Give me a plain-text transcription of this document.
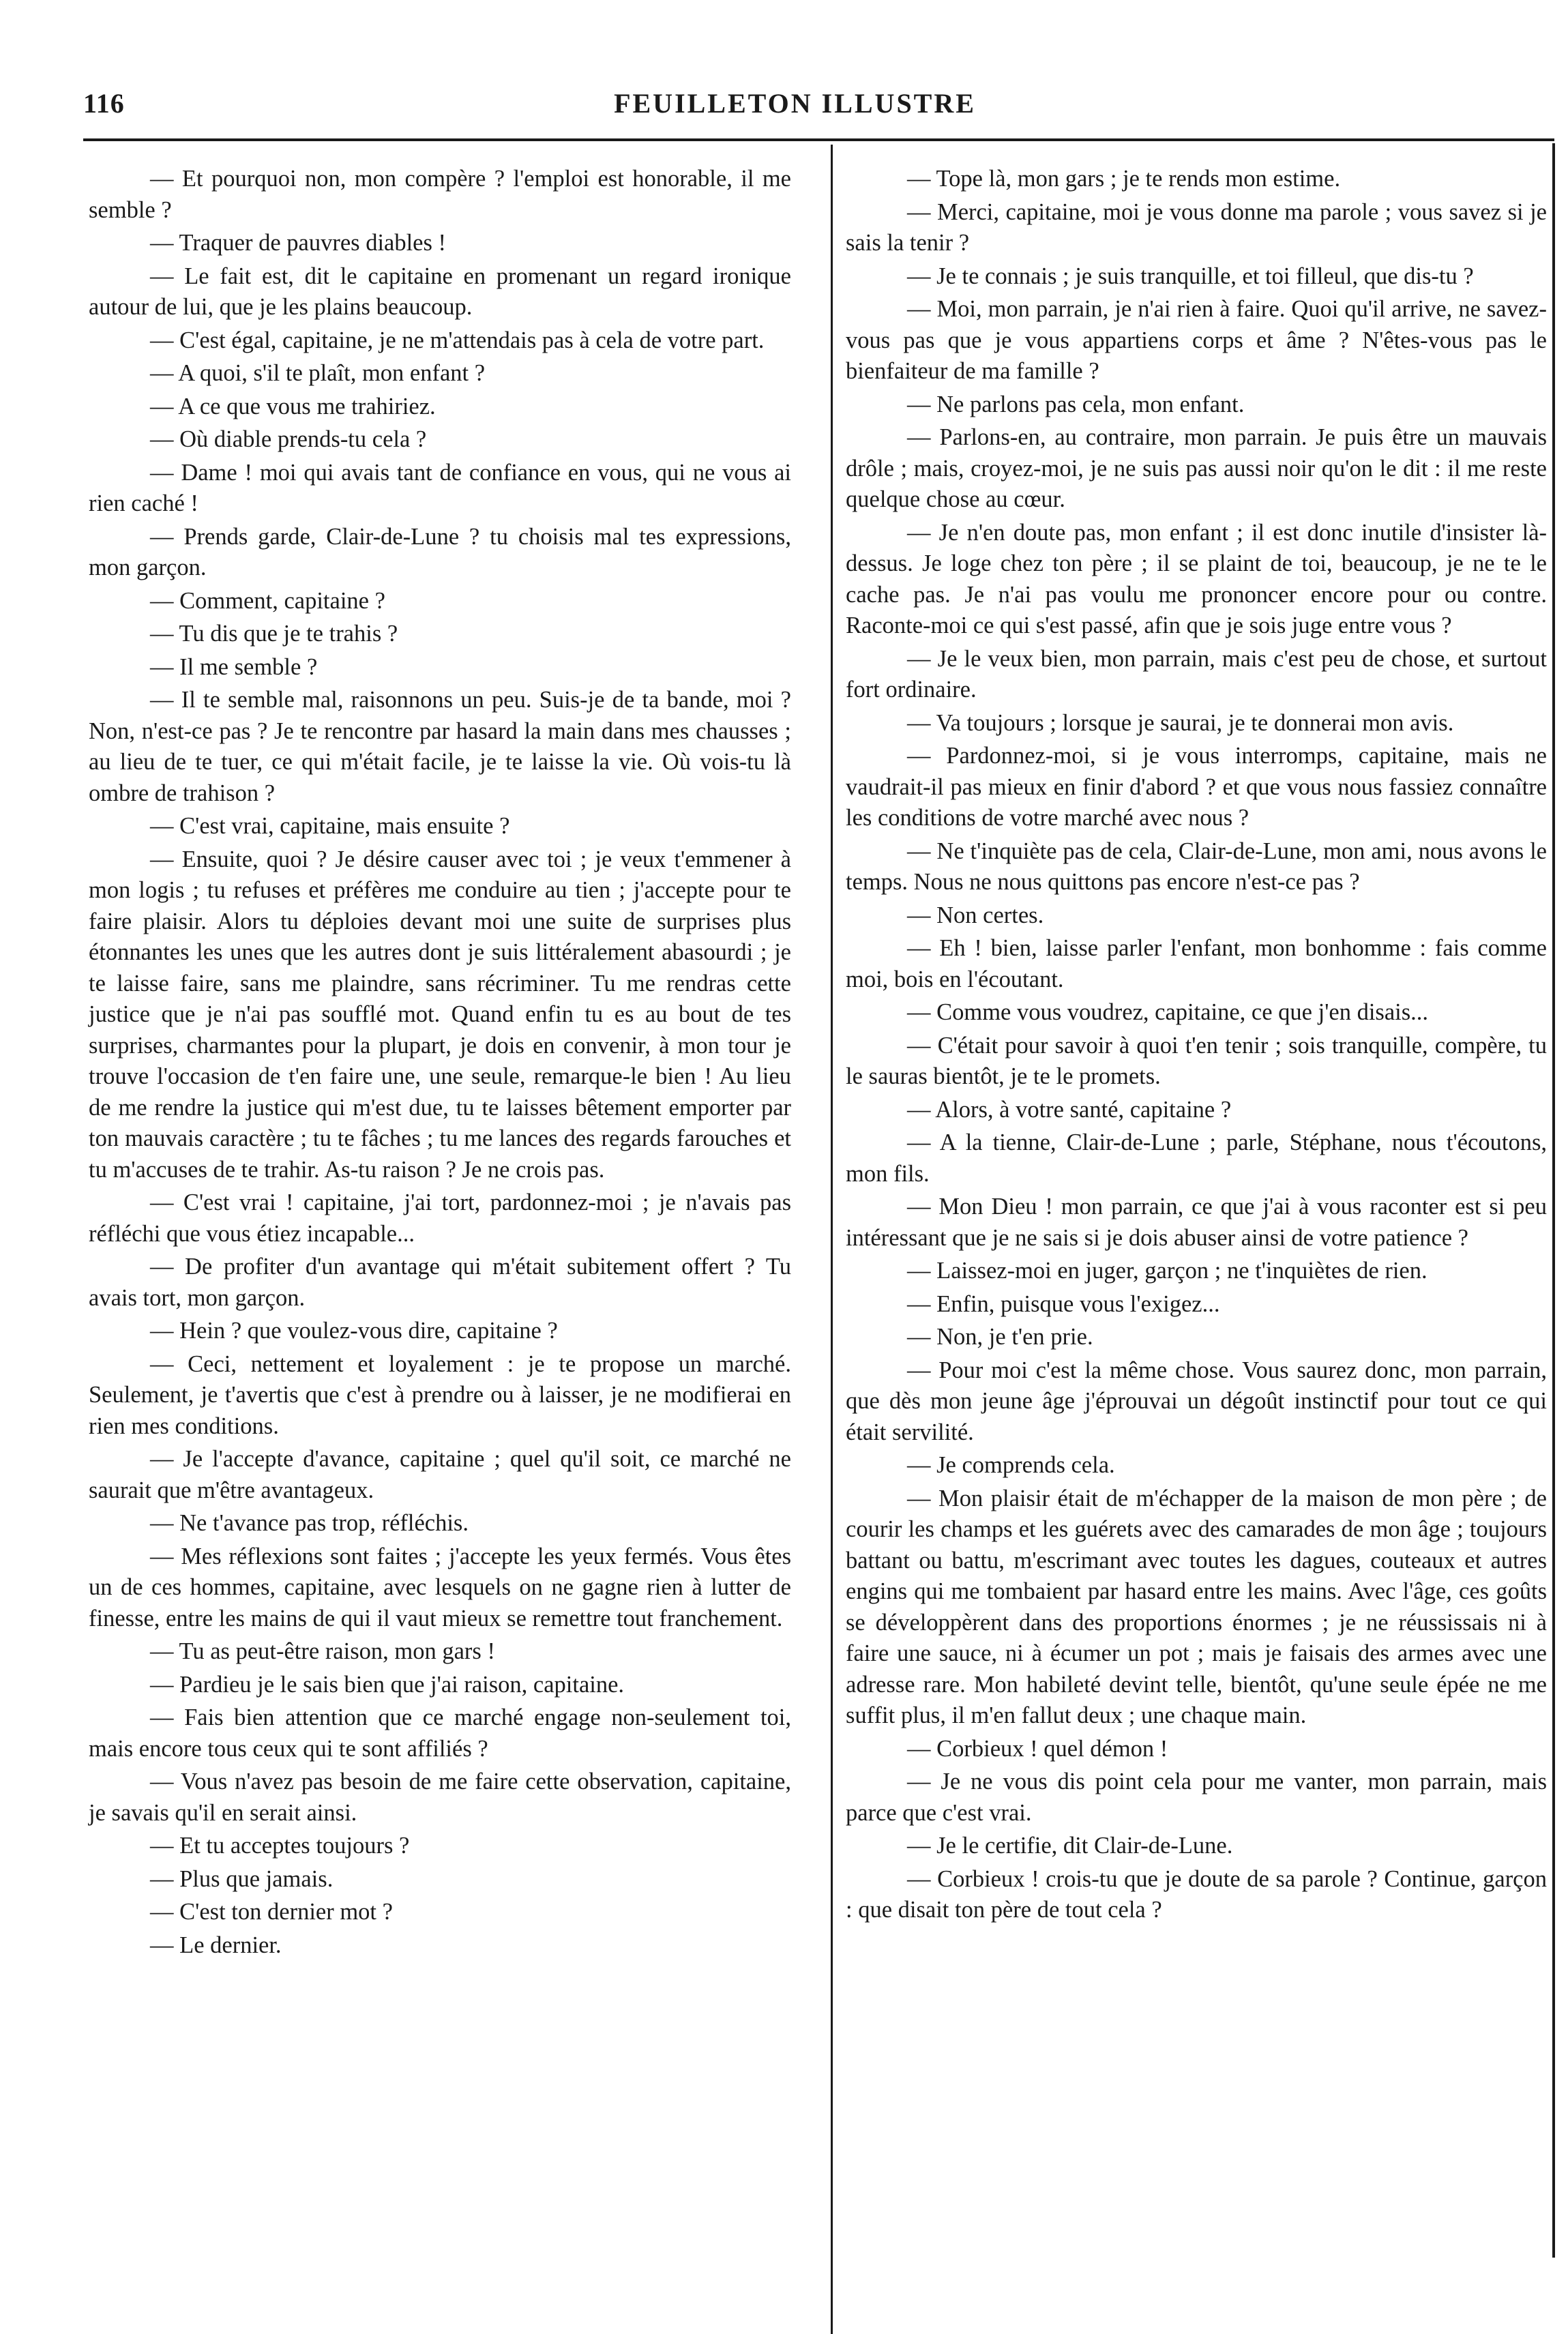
116	FEUILLETON ILLUSTRE

— Et pourquoi non, mon compère ? l'emploi est honorable, il me semble ?

— Traquer de pauvres diables !

— Le fait est, dit le capitaine en promenant un regard ironique autour de lui, que je les plains beaucoup.

— C'est égal, capitaine, je ne m'attendais pas à cela de votre part.

— A quoi, s'il te plaît, mon enfant ?

— A ce que vous me trahiriez.

— Où diable prends-tu cela ?

— Dame ! moi qui avais tant de confiance en vous, qui ne vous ai rien caché !

— Prends garde, Clair-de-Lune ? tu choisis mal tes expressions, mon garçon.

— Comment, capitaine ?

— Tu dis que je te trahis ?

— Il me semble ?

— Il te semble mal, raisonnons un peu. Suis-je de ta bande, moi ? Non, n'est-ce pas ? Je te rencontre par hasard la main dans mes chausses ; au lieu de te tuer, ce qui m'était facile, je te laisse la vie. Où vois-tu là ombre de trahison ?

— C'est vrai, capitaine, mais ensuite ?

— Ensuite, quoi ? Je désire causer avec toi ; je veux t'emmener à mon logis ; tu refuses et préfères me conduire au tien ; j'accepte pour te faire plaisir. Alors tu déploies devant moi une suite de surprises plus étonnantes les unes que les autres dont je suis littéralement abasourdi ; je te laisse faire, sans me plaindre, sans récriminer. Tu me rendras cette justice que je n'ai pas soufflé mot. Quand enfin tu es au bout de tes surprises, charmantes pour la plupart, je dois en convenir, à mon tour je trouve l'occasion de t'en faire une, une seule, remarque-le bien ! Au lieu de me rendre la justice qui m'est due, tu te laisses bêtement emporter par ton mauvais caractère ; tu te fâches ; tu me lances des regards farouches et tu m'accuses de te trahir. As-tu raison ? Je ne crois pas.

— C'est vrai ! capitaine, j'ai tort, pardonnez-moi ; je n'avais pas réfléchi que vous étiez incapable...

— De profiter d'un avantage qui m'était subitement offert ? Tu avais tort, mon garçon.

— Hein ? que voulez-vous dire, capitaine ?

— Ceci, nettement et loyalement : je te propose un marché. Seulement, je t'avertis que c'est à prendre ou à laisser, je ne modifierai en rien mes conditions.

— Je l'accepte d'avance, capitaine ; quel qu'il soit, ce marché ne saurait que m'être avantageux.

— Ne t'avance pas trop, réfléchis.

— Mes réflexions sont faites ; j'accepte les yeux fermés. Vous êtes un de ces hommes, capitaine, avec lesquels on ne gagne rien à lutter de finesse, entre les mains de qui il vaut mieux se remettre tout franchement.

— Tu as peut-être raison, mon gars !

— Pardieu je le sais bien que j'ai raison, capitaine.

— Fais bien attention que ce marché engage non-seulement toi, mais encore tous ceux qui te sont affiliés ?

— Vous n'avez pas besoin de me faire cette observation, capitaine, je savais qu'il en serait ainsi.

— Et tu acceptes toujours ?

— Plus que jamais.

— C'est ton dernier mot ?

— Le dernier.

— Tope là, mon gars ; je te rends mon estime.

— Merci, capitaine, moi je vous donne ma parole ; vous savez si je sais la tenir ?

— Je te connais ; je suis tranquille, et toi filleul, que dis-tu ?

— Moi, mon parrain, je n'ai rien à faire. Quoi qu'il arrive, ne savez-vous pas que je vous appartiens corps et âme ? N'êtes-vous pas le bienfaiteur de ma famille ?

— Ne parlons pas cela, mon enfant.

— Parlons-en, au contraire, mon parrain. Je puis être un mauvais drôle ; mais, croyez-moi, je ne suis pas aussi noir qu'on le dit : il me reste quelque chose au cœur.

— Je n'en doute pas, mon enfant ; il est donc inutile d'insister là-dessus. Je loge chez ton père ; il se plaint de toi, beaucoup, je ne te le cache pas. Je n'ai pas voulu me prononcer encore pour ou contre. Raconte-moi ce qui s'est passé, afin que je sois juge entre vous ?

— Je le veux bien, mon parrain, mais c'est peu de chose, et surtout fort ordinaire.

— Va toujours ; lorsque je saurai, je te donnerai mon avis.

— Pardonnez-moi, si je vous interromps, capitaine, mais ne vaudrait-il pas mieux en finir d'abord ? et que vous nous fassiez connaître les conditions de votre marché avec nous ?

— Ne t'inquiète pas de cela, Clair-de-Lune, mon ami, nous avons le temps. Nous ne nous quittons pas encore n'est-ce pas ?

— Non certes.

— Eh ! bien, laisse parler l'enfant, mon bonhomme : fais comme moi, bois en l'écoutant.

— Comme vous voudrez, capitaine, ce que j'en disais...

— C'était pour savoir à quoi t'en tenir ; sois tranquille, compère, tu le sauras bientôt, je te le promets.

— Alors, à votre santé, capitaine ?

— A la tienne, Clair-de-Lune ; parle, Stéphane, nous t'écoutons, mon fils.

— Mon Dieu ! mon parrain, ce que j'ai à vous raconter est si peu intéressant que je ne sais si je dois abuser ainsi de votre patience ?

— Laissez-moi en juger, garçon ; ne t'inquiètes de rien.

— Enfin, puisque vous l'exigez...

— Non, je t'en prie.

— Pour moi c'est la même chose. Vous saurez donc, mon parrain, que dès mon jeune âge j'éprouvai un dégoût instinctif pour tout ce qui était servilité.

— Je comprends cela.

— Mon plaisir était de m'échapper de la maison de mon père ; de courir les champs et les guérets avec des camarades de mon âge ; toujours battant ou battu, m'escrimant avec toutes les dagues, couteaux et autres engins qui me tombaient par hasard entre les mains. Avec l'âge, ces goûts se développèrent dans des proportions énormes ; je ne réussissais ni à faire une sauce, ni à écumer un pot ; mais je faisais des armes avec une adresse rare. Mon habileté devint telle, bientôt, qu'une seule épée ne me suffit plus, il m'en fallut deux ; une chaque main.

— Corbieux ! quel démon !

— Je ne vous dis point cela pour me vanter, mon parrain, mais parce que c'est vrai.

— Je le certifie, dit Clair-de-Lune.

— Corbieux ! crois-tu que je doute de sa parole ? Continue, garçon : que disait ton père de tout cela ?
